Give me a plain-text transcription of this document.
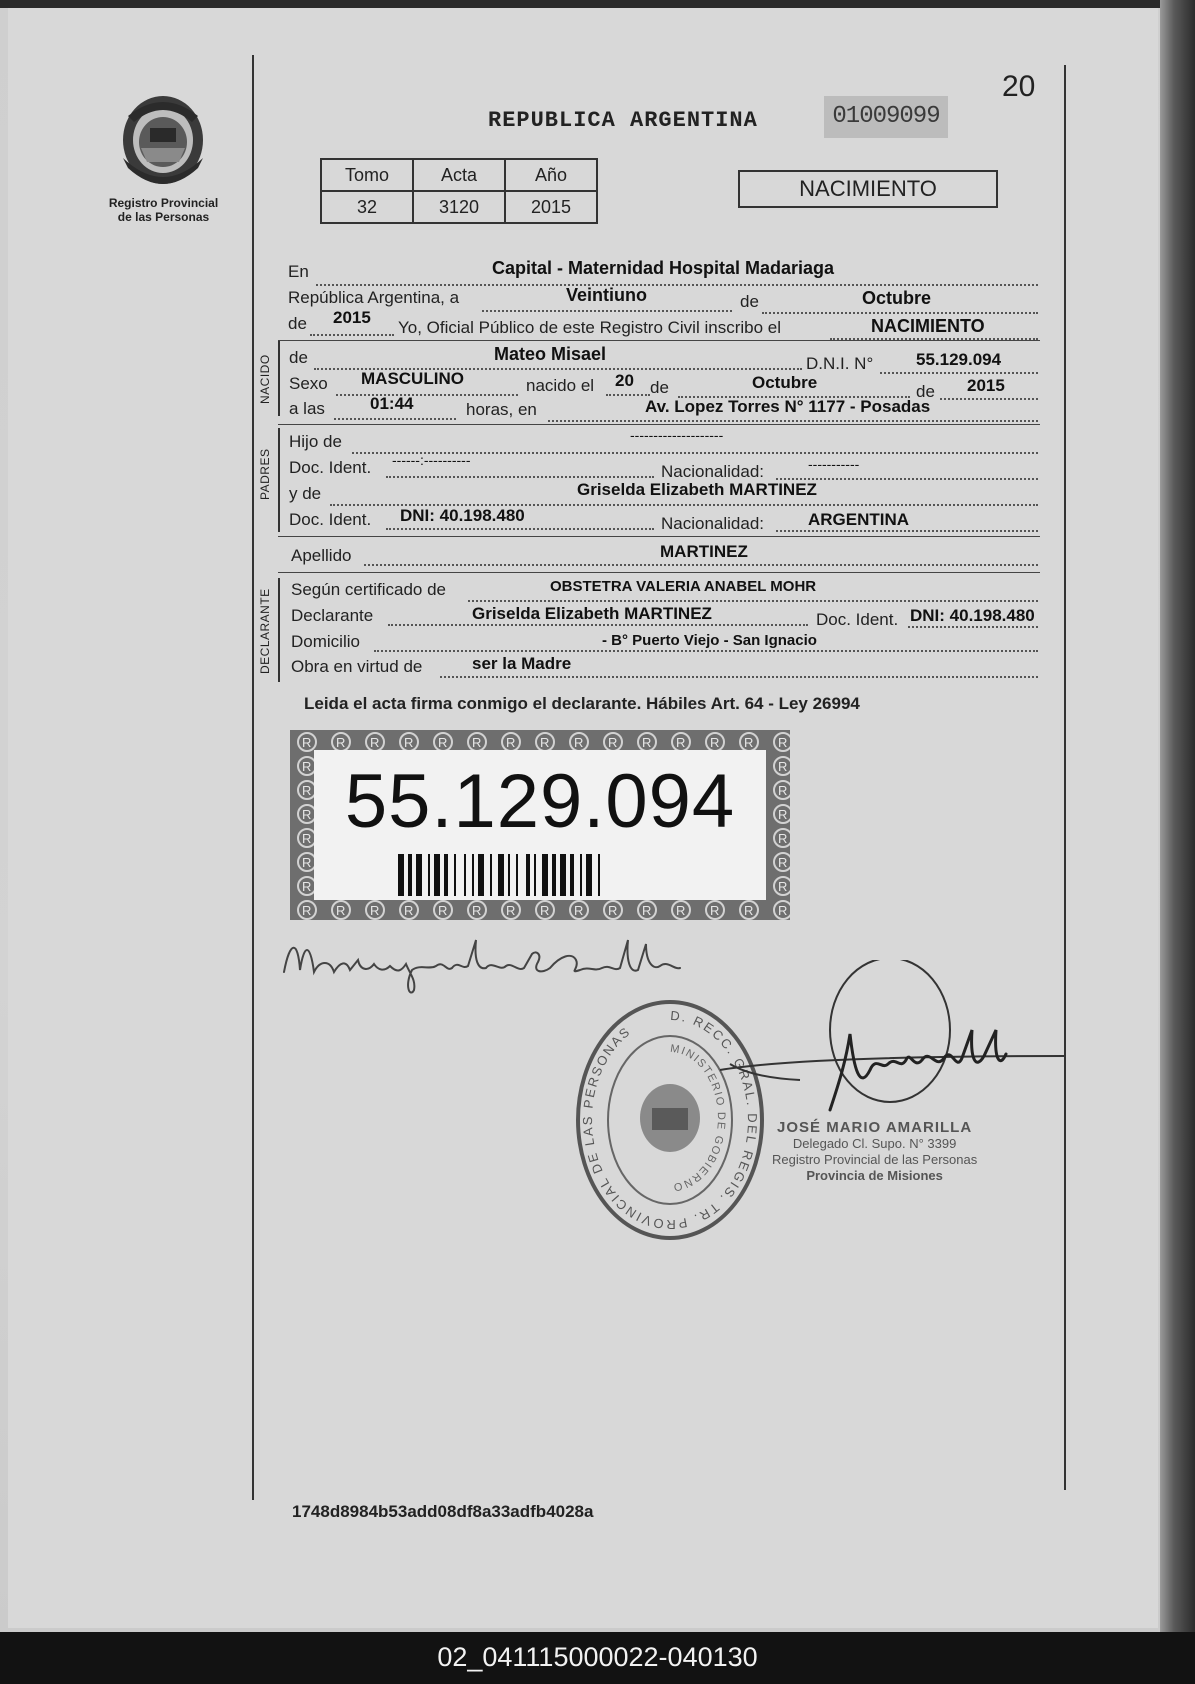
Registro Provincial
de las Personas
20
REPUBLICA ARGENTINA	01009099
Tomo	Acta	Año
32	3120	2015
NACIMIENTO
En	Capital - Maternidad Hospital Madariaga
República Argentina, a	Veintiuno	de	Octubre
de 2015
Yo, Oficial Público de este Registro Civil inscribo el	NACIMIENTO
NACIDO de	Mateo Misael	D.N.I. N°	55.129.094
Sexo MASCULINO	nacido el 20 de	Octubre	de 2015
a las	01:44	horas, en	Av. Lopez Torres N° 1177 - Posadas
PADRES
Hijo de	--------------------
Doc. Ident. ------:----------
Nacionalidad:	-----------
y de	Griselda Elizabeth MARTINEZ
Doc. Ident. DNI: 40.198.480	Nacionalidad:	ARGENTINA
Apellido	MARTINEZ
DECLARANTE Según certificado de	OBSTETRA VALERIA ANABEL MOHR
Declarante	Griselda Elizabeth MARTINEZ	Doc. Ident. DNI: 40.198.480
Domicilio	- B° Puerto Viejo - San Ignacio
Obra en virtud de	ser la Madre
Leida el acta firma conmigo el declarante. Hábiles Art. 64 - Ley 26994
55.129.094
D. RECC. GRAL. DEL REGIS. TR. PROVINCIAL DE LAS PERSONAS
MINISTERIO DE GOBIERNO
JOSÉ MARIO AMARILLA
Delegado Cl. Supo. N° 3399
Registro Provincial de las Personas
Provincia de Misiones
1748d8984b53add08df8a33adfb4028a
02_041115000022-040130
